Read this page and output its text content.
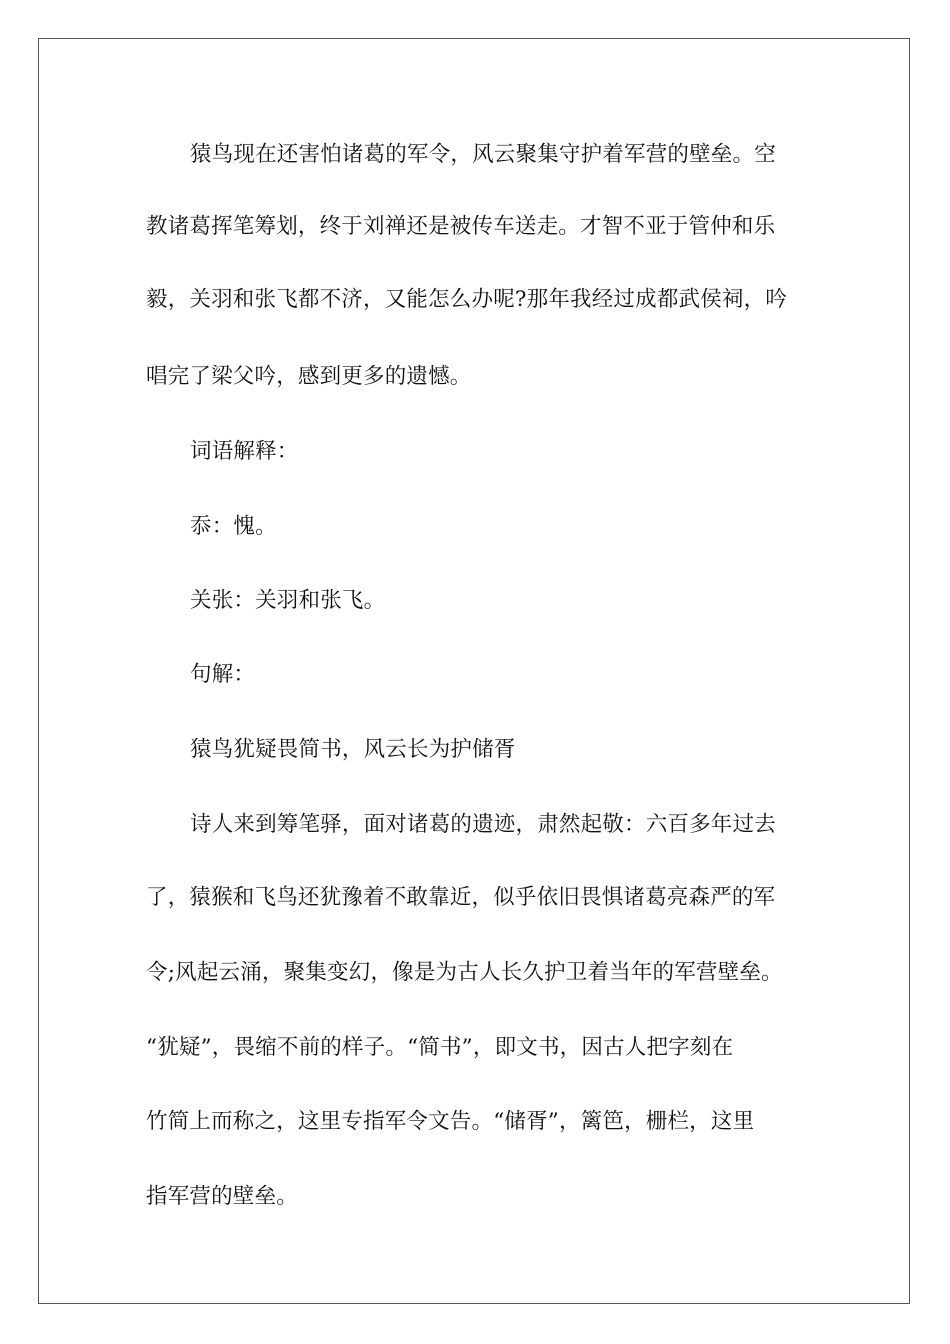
猿鸟现在还害怕诸葛的军令，风云聚集守护着军营的壁垒。空
教诸葛挥笔筹划，终于刘禅还是被传车送走。才智不亚于管仲和乐
毅，关羽和张飞都不济，又能怎么办呢?那年我经过成都武侯祠，吟
唱完了梁父吟，感到更多的遗憾。
词语解释：
忝：愧。
关张：关羽和张飞。
句解：
猿鸟犹疑畏简书，风云长为护储胥
诗人来到筹笔驿，面对诸葛的遗迹，肃然起敬：六百多年过去
了，猿猴和飞鸟还犹豫着不敢靠近，似乎依旧畏惧诸葛亮森严的军
令;风起云涌，聚集变幻，像是为古人长久护卫着当年的军营壁垒。
“犹疑”，畏缩不前的样子。“简书”，即文书，因古人把字刻在
竹简上而称之，这里专指军令文告。“储胥”，篱笆，栅栏，这里
指军营的壁垒。
